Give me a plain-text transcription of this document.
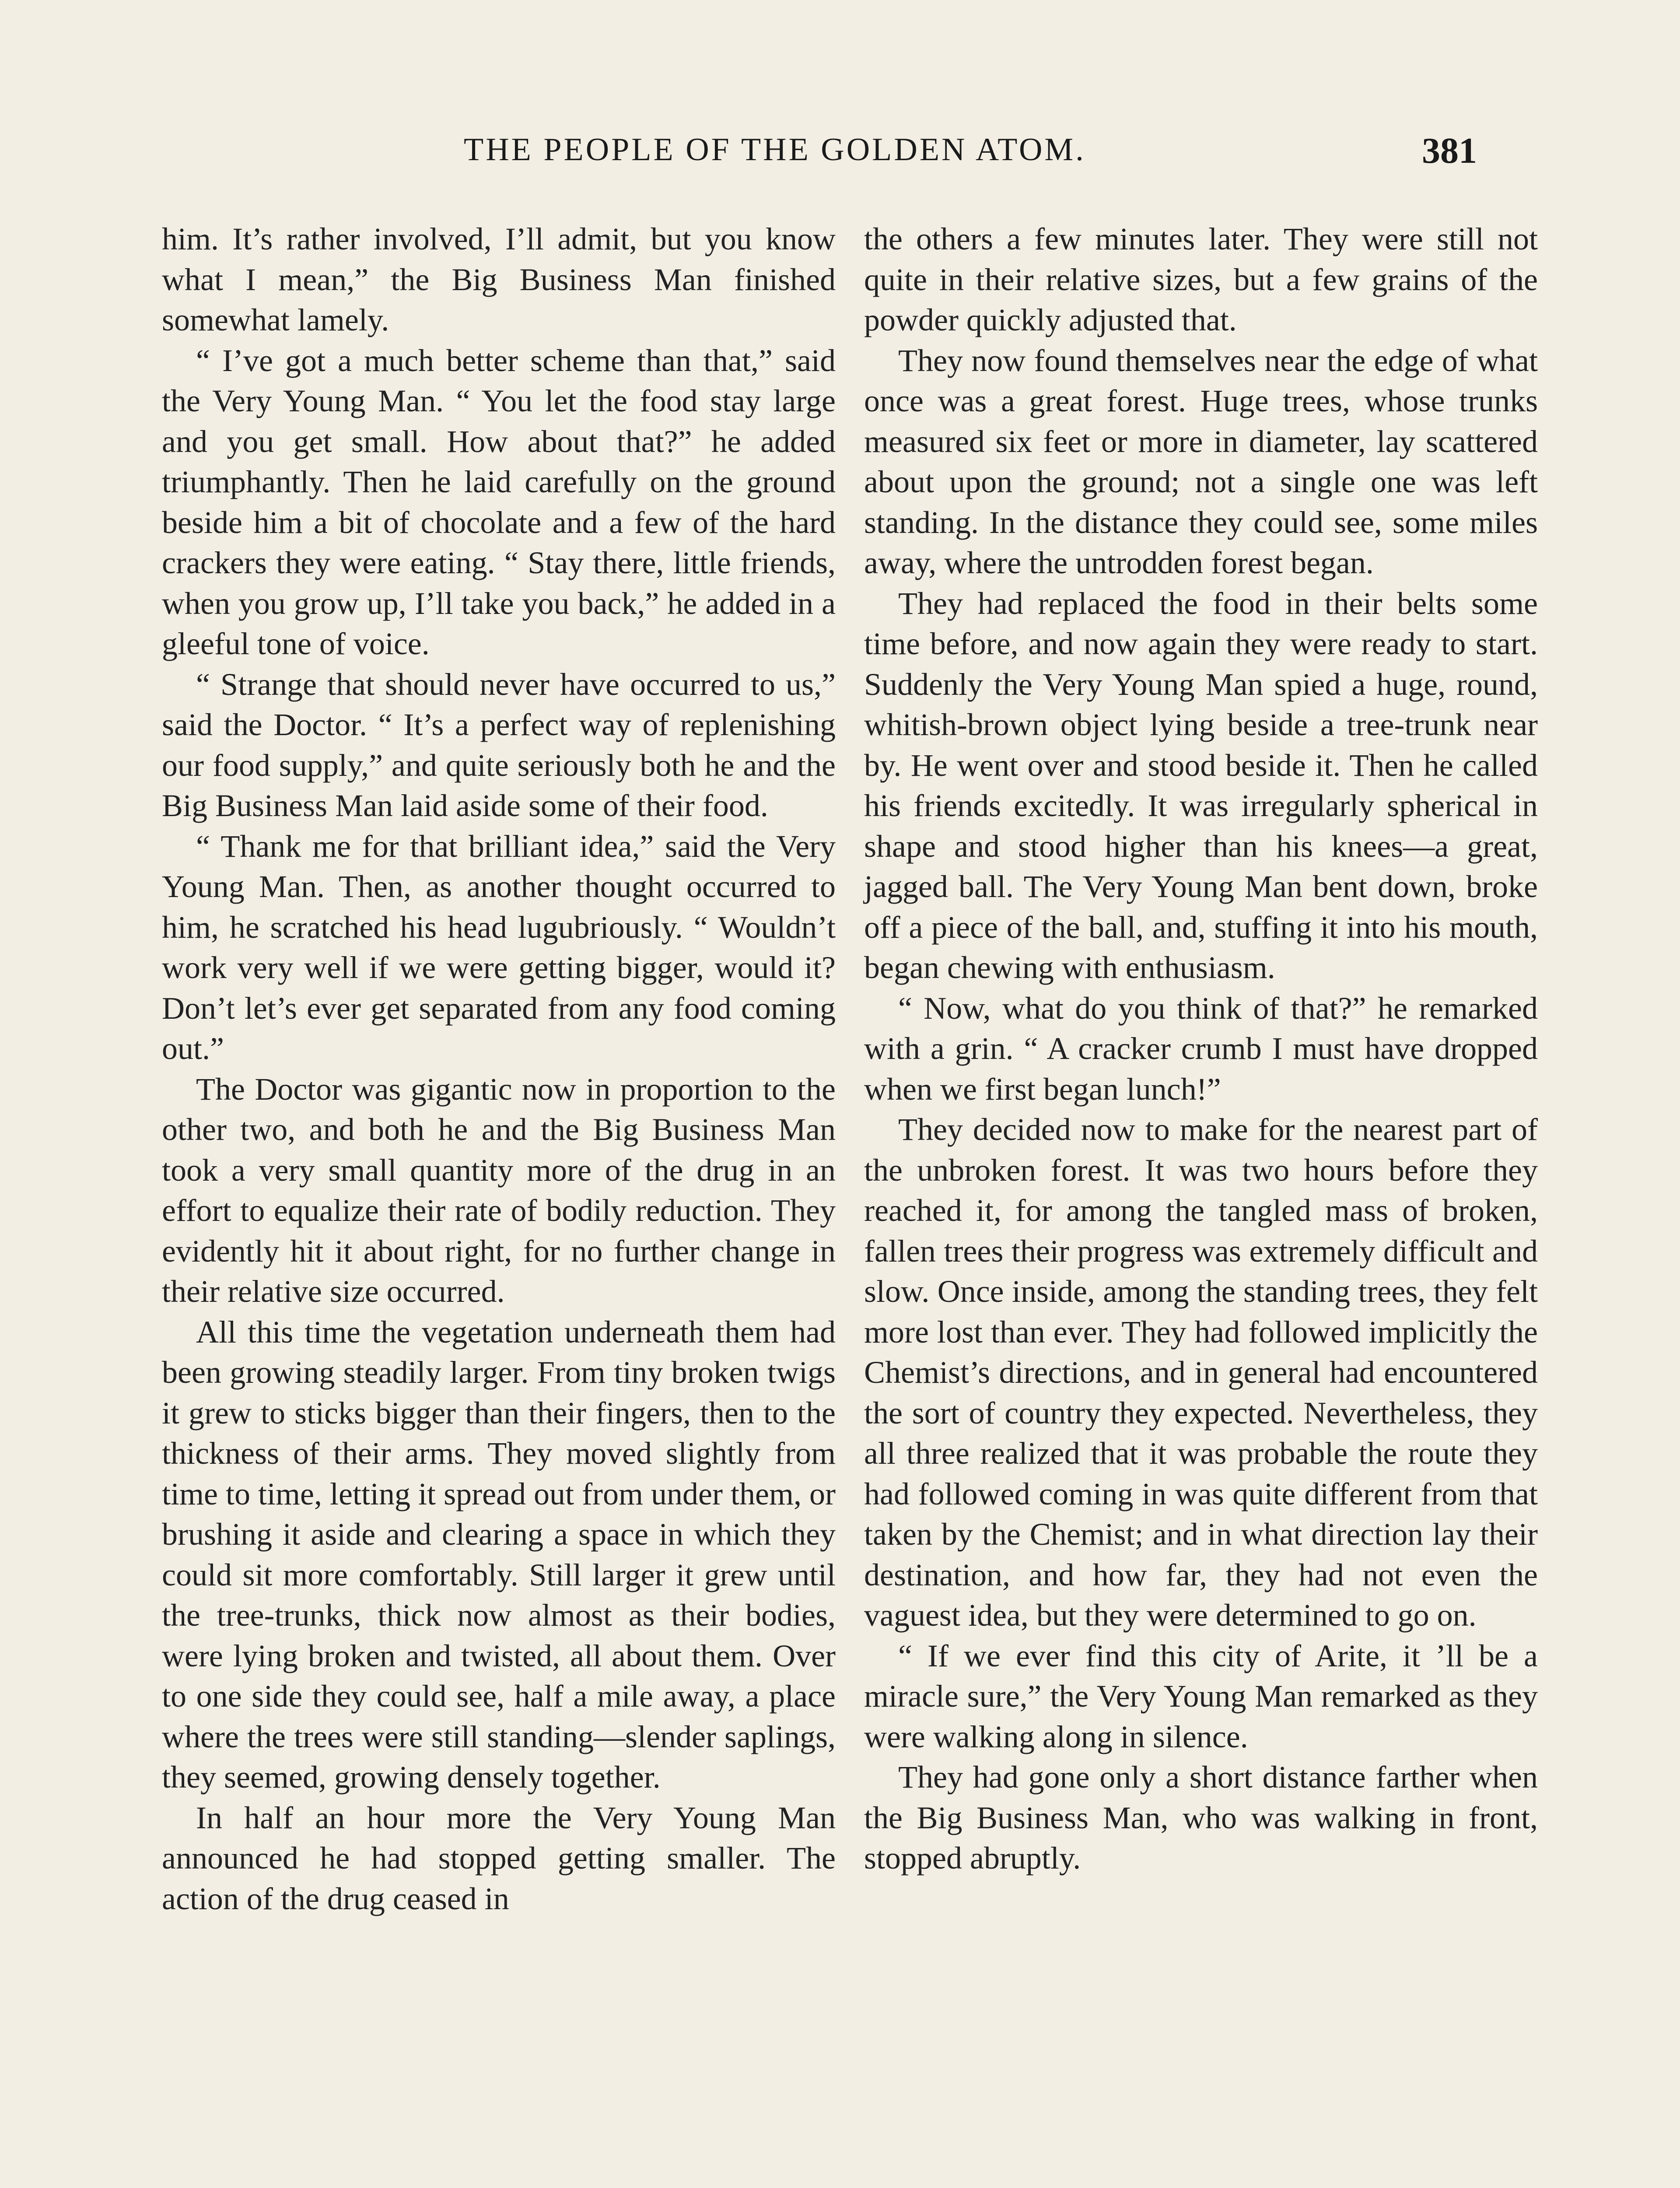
THE PEOPLE OF THE GOLDEN ATOM.	381

him. It’s rather involved, I’ll admit, but you know what I mean,” the Big Business Man finished somewhat lamely.

“ I’ve got a much better scheme than that,” said the Very Young Man. “ You let the food stay large and you get small. How about that?” he added triumphantly. Then he laid carefully on the ground beside him a bit of chocolate and a few of the hard crackers they were eating. “ Stay there, little friends, when you grow up, I’ll take you back,” he added in a gleeful tone of voice.

“ Strange that should never have occurred to us,” said the Doctor. “ It’s a perfect way of replenishing our food supply,” and quite seriously both he and the Big Business Man laid aside some of their food.

“ Thank me for that brilliant idea,” said the Very Young Man. Then, as another thought occurred to him, he scratched his head lugubriously. “ Wouldn’t work very well if we were getting bigger, would it? Don’t let’s ever get separated from any food coming out.”

The Doctor was gigantic now in proportion to the other two, and both he and the Big Business Man took a very small quantity more of the drug in an effort to equalize their rate of bodily reduction. They evidently hit it about right, for no further change in their relative size occurred.

All this time the vegetation underneath them had been growing steadily larger. From tiny broken twigs it grew to sticks bigger than their fingers, then to the thickness of their arms. They moved slightly from time to time, letting it spread out from under them, or brushing it aside and clearing a space in which they could sit more comfortably. Still larger it grew until the tree-trunks, thick now almost as their bodies, were lying broken and twisted, all about them. Over to one side they could see, half a mile away, a place where the trees were still standing—slender saplings, they seemed, growing densely together.

In half an hour more the Very Young Man announced he had stopped getting smaller. The action of the drug ceased in

the others a few minutes later. They were still not quite in their relative sizes, but a few grains of the powder quickly adjusted that.

They now found themselves near the edge of what once was a great forest. Huge trees, whose trunks measured six feet or more in diameter, lay scattered about upon the ground; not a single one was left standing. In the distance they could see, some miles away, where the untrodden forest began.

They had replaced the food in their belts some time before, and now again they were ready to start. Suddenly the Very Young Man spied a huge, round, whitish-brown object lying beside a tree-trunk near by. He went over and stood beside it. Then he called his friends excitedly. It was irregularly spherical in shape and stood higher than his knees—a great, jagged ball. The Very Young Man bent down, broke off a piece of the ball, and, stuffing it into his mouth, began chewing with enthusiasm.

“ Now, what do you think of that?” he remarked with a grin. “ A cracker crumb I must have dropped when we first began lunch!”

They decided now to make for the nearest part of the unbroken forest. It was two hours before they reached it, for among the tangled mass of broken, fallen trees their progress was extremely difficult and slow. Once inside, among the standing trees, they felt more lost than ever. They had followed implicitly the Chemist’s directions, and in general had encountered the sort of country they expected. Nevertheless, they all three realized that it was probable the route they had followed coming in was quite different from that taken by the Chemist; and in what direction lay their destination, and how far, they had not even the vaguest idea, but they were determined to go on.

“ If we ever find this city of Arite, it ’ll be a miracle sure,” the Very Young Man remarked as they were walking along in silence.

They had gone only a short distance farther when the Big Business Man, who was walking in front, stopped abruptly.
